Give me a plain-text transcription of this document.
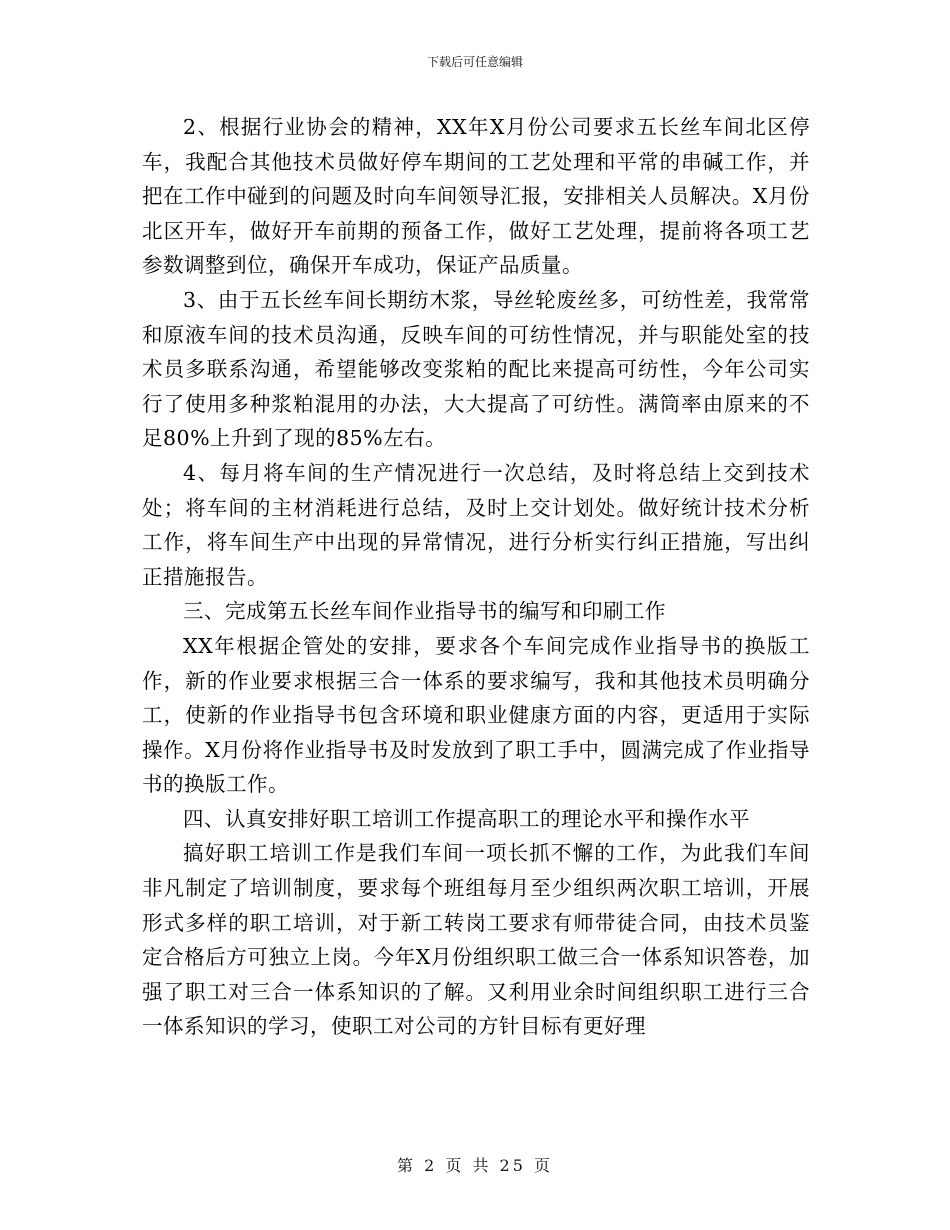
下载后可任意编辑

2、根据行业协会的精神，XX年X月份公司要求五长丝车间北区停车，我配合其他技术员做好停车期间的工艺处理和平常的串碱工作，并把在工作中碰到的问题及时向车间领导汇报，安排相关人员解决。X月份北区开车，做好开车前期的预备工作，做好工艺处理，提前将各项工艺参数调整到位，确保开车成功，保证产品质量。

3、由于五长丝车间长期纺木浆，导丝轮废丝多，可纺性差，我常常和原液车间的技术员沟通，反映车间的可纺性情况，并与职能处室的技术员多联系沟通，希望能够改变浆粕的配比来提高可纺性，今年公司实行了使用多种浆粕混用的办法，大大提高了可纺性。满筒率由原来的不足80%上升到了现的85%左右。

4、每月将车间的生产情况进行一次总结，及时将总结上交到技术处；将车间的主材消耗进行总结，及时上交计划处。做好统计技术分析工作，将车间生产中出现的异常情况，进行分析实行纠正措施，写出纠正措施报告。

三、完成第五长丝车间作业指导书的编写和印刷工作

XX年根据企管处的安排，要求各个车间完成作业指导书的换版工作，新的作业要求根据三合一体系的要求编写，我和其他技术员明确分工，使新的作业指导书包含环境和职业健康方面的内容，更适用于实际操作。X月份将作业指导书及时发放到了职工手中，圆满完成了作业指导书的换版工作。

四、认真安排好职工培训工作提高职工的理论水平和操作水平

搞好职工培训工作是我们车间一项长抓不懈的工作，为此我们车间非凡制定了培训制度，要求每个班组每月至少组织两次职工培训，开展形式多样的职工培训，对于新工转岗工要求有师带徒合同，由技术员鉴定合格后方可独立上岗。今年X月份组织职工做三合一体系知识答卷，加强了职工对三合一体系知识的了解。又利用业余时间组织职工进行三合一体系知识的学习，使职工对公司的方针目标有更好理

第 2 页 共 25 页
